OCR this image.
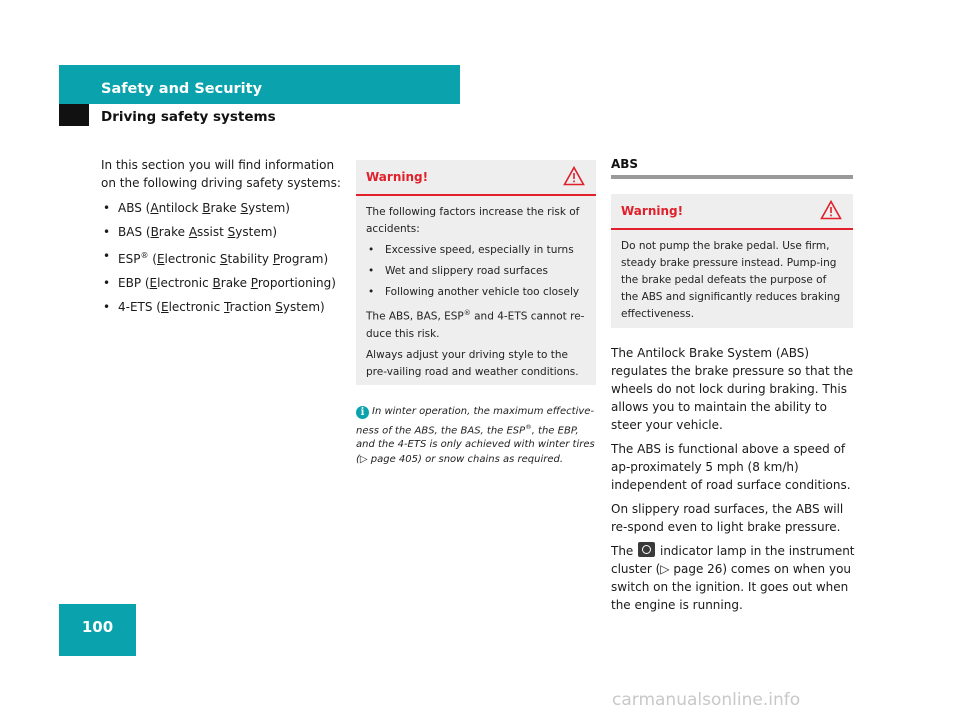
Safety and Security
Driving safety systems
100

In this section you will find information on the following driving safety systems:

• ABS (Antilock Brake System)
• BAS (Brake Assist System)
• ESP® (Electronic Stability Program)
• EBP (Electronic Brake Proportioning)
• 4-ETS (Electronic Traction System)
Warning!

The following factors increase the risk of accidents:

• Excessive speed, especially in turns
• Wet and slippery road surfaces
• Following another vehicle too closely

The ABS, BAS, ESP® and 4-ETS cannot re-duce this risk.

Always adjust your driving style to the pre-vailing road and weather conditions.

i In winter operation, the maximum effective-ness of the ABS, the BAS, the ESP®, the EBP, and the 4-ETS is only achieved with winter tires (▷ page 405) or snow chains as required.
ABS
Warning!

Do not pump the brake pedal. Use firm, steady brake pressure instead. Pump-ing the brake pedal defeats the purpose of the ABS and significantly reduces braking effectiveness.

The Antilock Brake System (ABS) regulates the brake pressure so that the wheels do not lock during braking. This allows you to maintain the ability to steer your vehicle.

The ABS is functional above a speed of ap-proximately 5 mph (8 km/h) independent of road surface conditions.

On slippery road surfaces, the ABS will re-spond even to light brake pressure.

The indicator lamp in the instrument cluster (▷ page 26) comes on when you switch on the ignition. It goes out when the engine is running.

carmanualsonline.info
